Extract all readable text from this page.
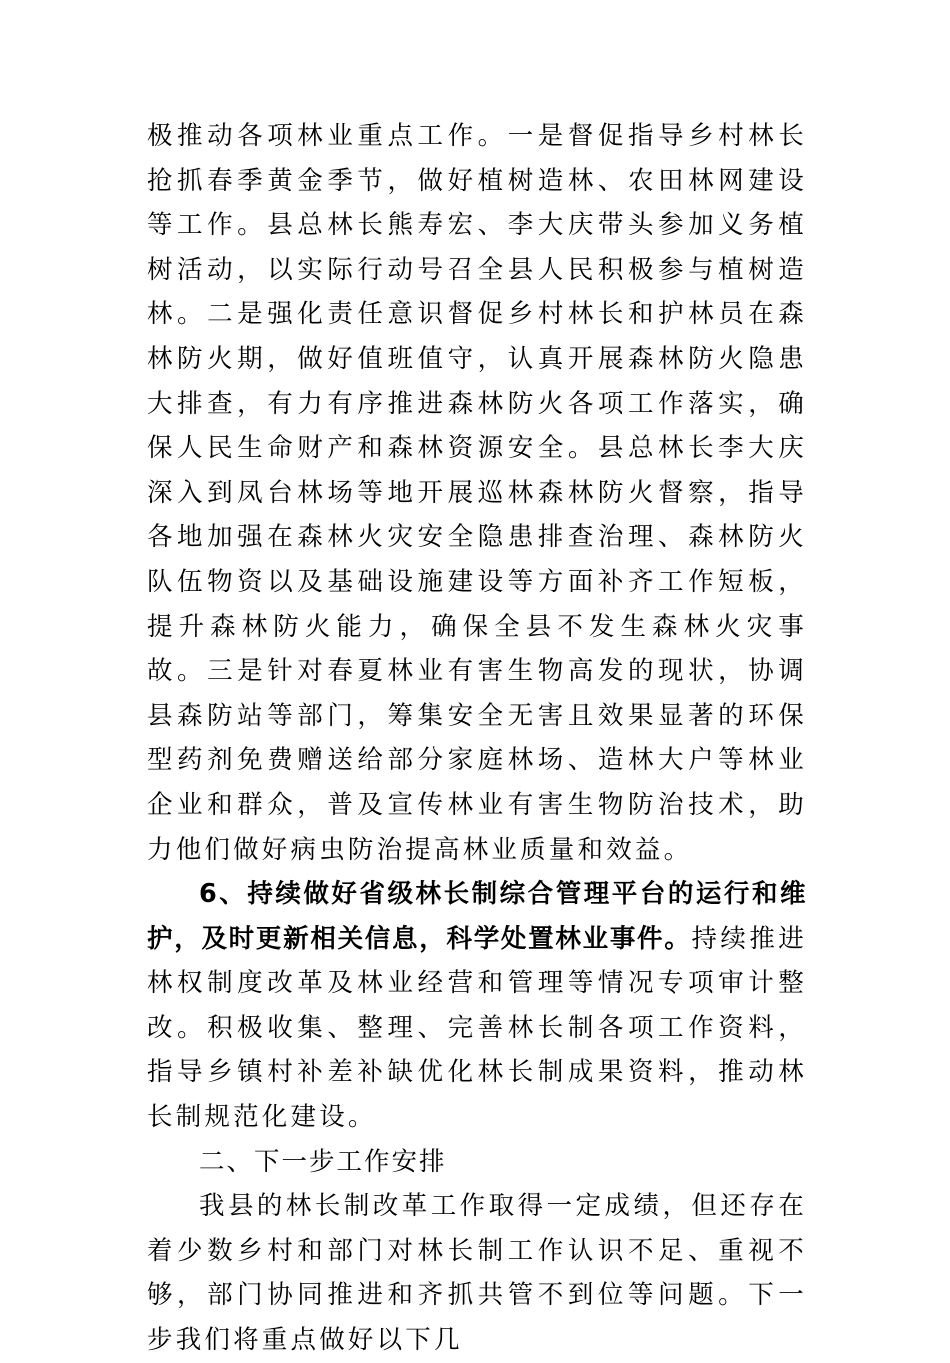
极推动各项林业重点工作。一是督促指导乡村林长抢抓春季黄金季节，做好植树造林、农田林网建设等工作。县总林长熊寿宏、李大庆带头参加义务植树活动，以实际行动号召全县人民积极参与植树造林。二是强化责任意识督促乡村林长和护林员在森林防火期，做好值班值守，认真开展森林防火隐患大排查，有力有序推进森林防火各项工作落实，确保人民生命财产和森林资源安全。县总林长李大庆深入到凤台林场等地开展巡林森林防火督察，指导各地加强在森林火灾安全隐患排查治理、森林防火队伍物资以及基础设施建设等方面补齐工作短板，提升森林防火能力，确保全县不发生森林火灾事故。三是针对春夏林业有害生物高发的现状，协调县森防站等部门，筹集安全无害且效果显著的环保型药剂免费赠送给部分家庭林场、造林大户等林业企业和群众，普及宣传林业有害生物防治技术，助力他们做好病虫防治提高林业质量和效益。

6、持续做好省级林长制综合管理平台的运行和维护，及时更新相关信息，科学处置林业事件。持续推进林权制度改革及林业经营和管理等情况专项审计整改。积极收集、整理、完善林长制各项工作资料，指导乡镇村补差补缺优化林长制成果资料，推动林长制规范化建设。

二、下一步工作安排

我县的林长制改革工作取得一定成绩，但还存在着少数乡村和部门对林长制工作认识不足、重视不够，部门协同推进和齐抓共管不到位等问题。下一步我们将重点做好以下几
